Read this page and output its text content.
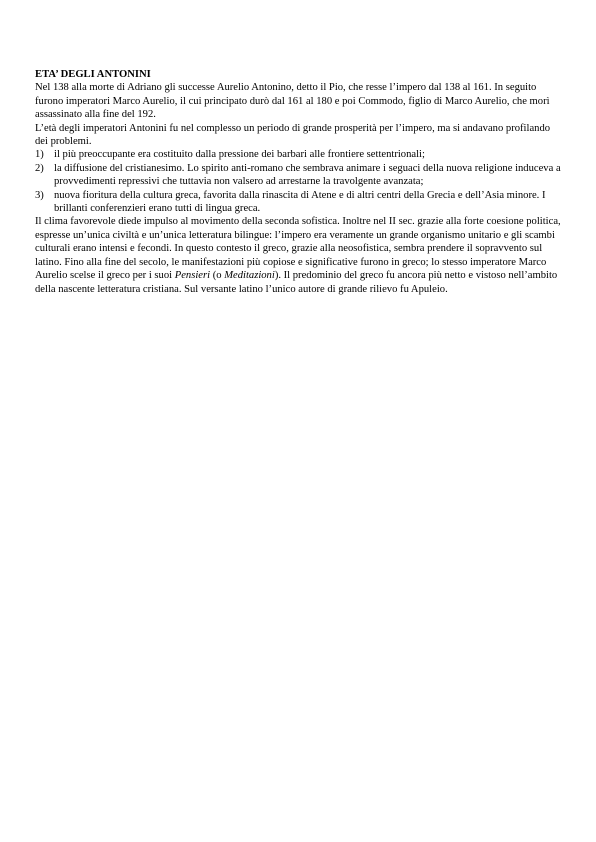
ETA’ DEGLI ANTONINI

Nel 138 alla morte di Adriano gli successe Aurelio Antonino, detto il Pio, che resse l’impero dal 138 al 161. In seguito furono imperatori Marco Aurelio, il cui principato durò dal 161 al 180 e poi Commodo, figlio di Marco Aurelio, che morì assassinato alla fine del 192.

L’età degli imperatori Antonini fu nel complesso un periodo di grande prosperità per l’impero, ma si andavano profilando dei problemi.

1) il più preoccupante era costituito dalla pressione dei barbari alle frontiere settentrionali;
2) la diffusione del cristianesimo. Lo spirito anti-romano che sembrava animare i seguaci della nuova religione induceva a provvedimenti repressivi che tuttavia non valsero ad arrestarne la travolgente avanzata;
3) nuova fioritura della cultura greca, favorita dalla rinascita di Atene e di altri centri della Grecia e dell’Asia minore. I brillanti conferenzieri erano tutti di lingua greca.

Il clima favorevole diede impulso al movimento della seconda sofistica. Inoltre nel II sec. grazie alla forte coesione politica, espresse un’unica civiltà e un’unica letteratura bilingue: l’impero era veramente un grande organismo unitario e gli scambi culturali erano intensi e fecondi. In questo contesto il greco, grazie alla neosofistica, sembra prendere il sopravvento sul latino. Fino alla fine del secolo, le manifestazioni più copiose e significative furono in greco; lo stesso imperatore Marco Aurelio scelse il greco per i suoi Pensieri (o Meditazioni). Il predominio del greco fu ancora più netto e vistoso nell’ambito della nascente letteratura cristiana. Sul versante latino l’unico autore di grande rilievo fu Apuleio.
